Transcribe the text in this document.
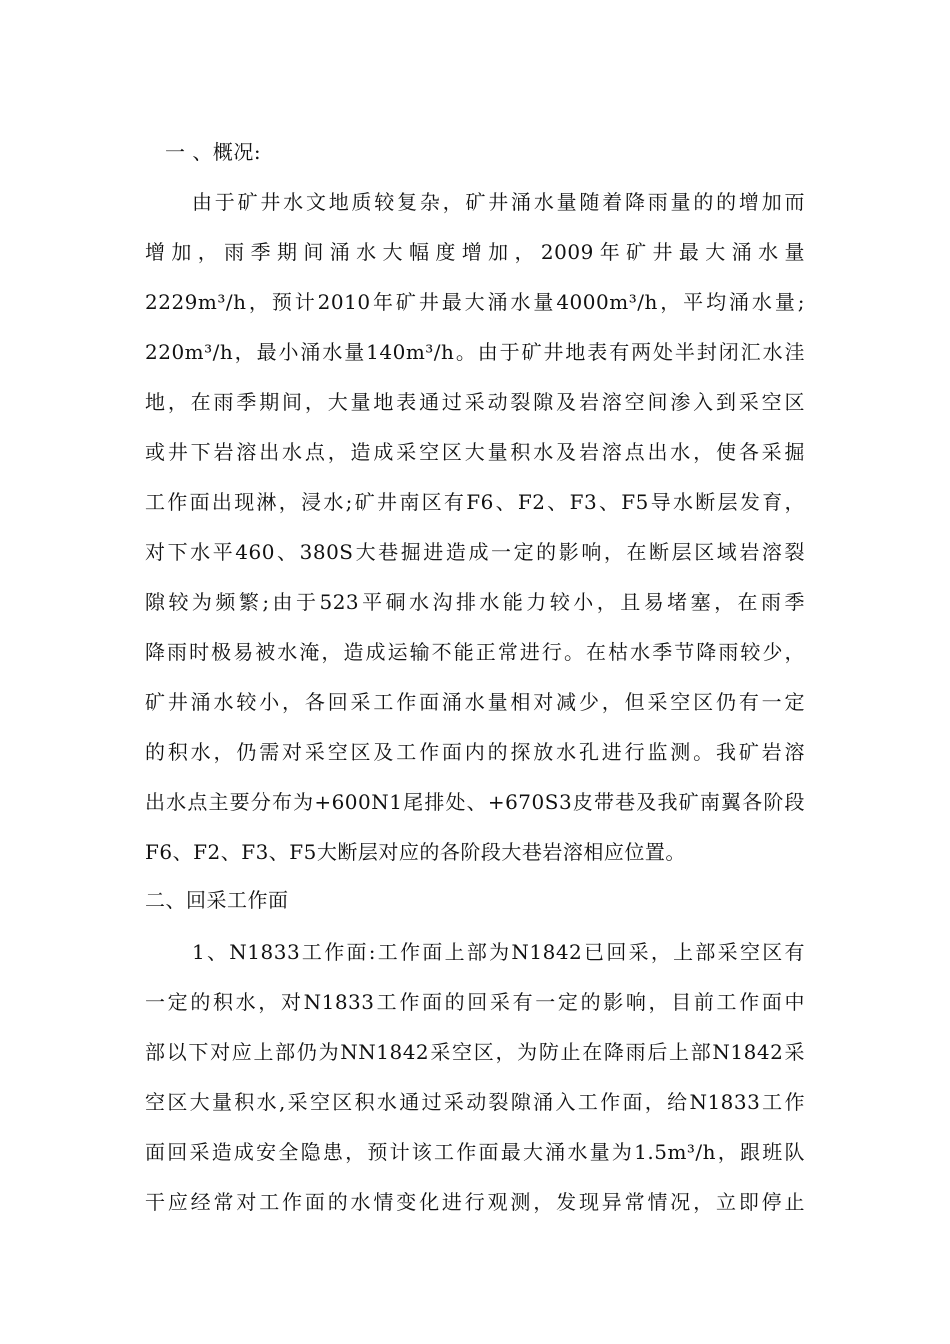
一 、概况:
由于矿井水文地质较复杂，矿井涌水量随着降雨量的的增加而
增加，雨季期间涌水大幅度增加，2009年矿井最大涌水量
2229m³/h，预计2010年矿井最大涌水量4000m³/h，平均涌水量;
220m³/h，最小涌水量140m³/h。由于矿井地表有两处半封闭汇水洼
地，在雨季期间，大量地表通过采动裂隙及岩溶空间渗入到采空区
或井下岩溶出水点，造成采空区大量积水及岩溶点出水，使各采掘
工作面出现淋，浸水;矿井南区有F6、F2、F3、F5导水断层发育，
对下水平460、380S大巷掘进造成一定的影响，在断层区域岩溶裂
隙较为频繁;由于523平硐水沟排水能力较小，且易堵塞，在雨季
降雨时极易被水淹，造成运输不能正常进行。在枯水季节降雨较少，
矿井涌水较小，各回采工作面涌水量相对减少，但采空区仍有一定
的积水，仍需对采空区及工作面内的探放水孔进行监测。我矿岩溶
出水点主要分布为+600N1尾排处、+670S3皮带巷及我矿南翼各阶段
F6、F2、F3、F5大断层对应的各阶段大巷岩溶相应位置。
二、回采工作面
1、N1833工作面:工作面上部为N1842已回采，上部采空区有
一定的积水，对N1833工作面的回采有一定的影响，目前工作面中
部以下对应上部仍为NN1842采空区，为防止在降雨后上部N1842采
空区大量积水,采空区积水通过采动裂隙涌入工作面，给N1833工作
面回采造成安全隐患，预计该工作面最大涌水量为1.5m³/h，跟班队
干应经常对工作面的水情变化进行观测，发现异常情况，立即停止
